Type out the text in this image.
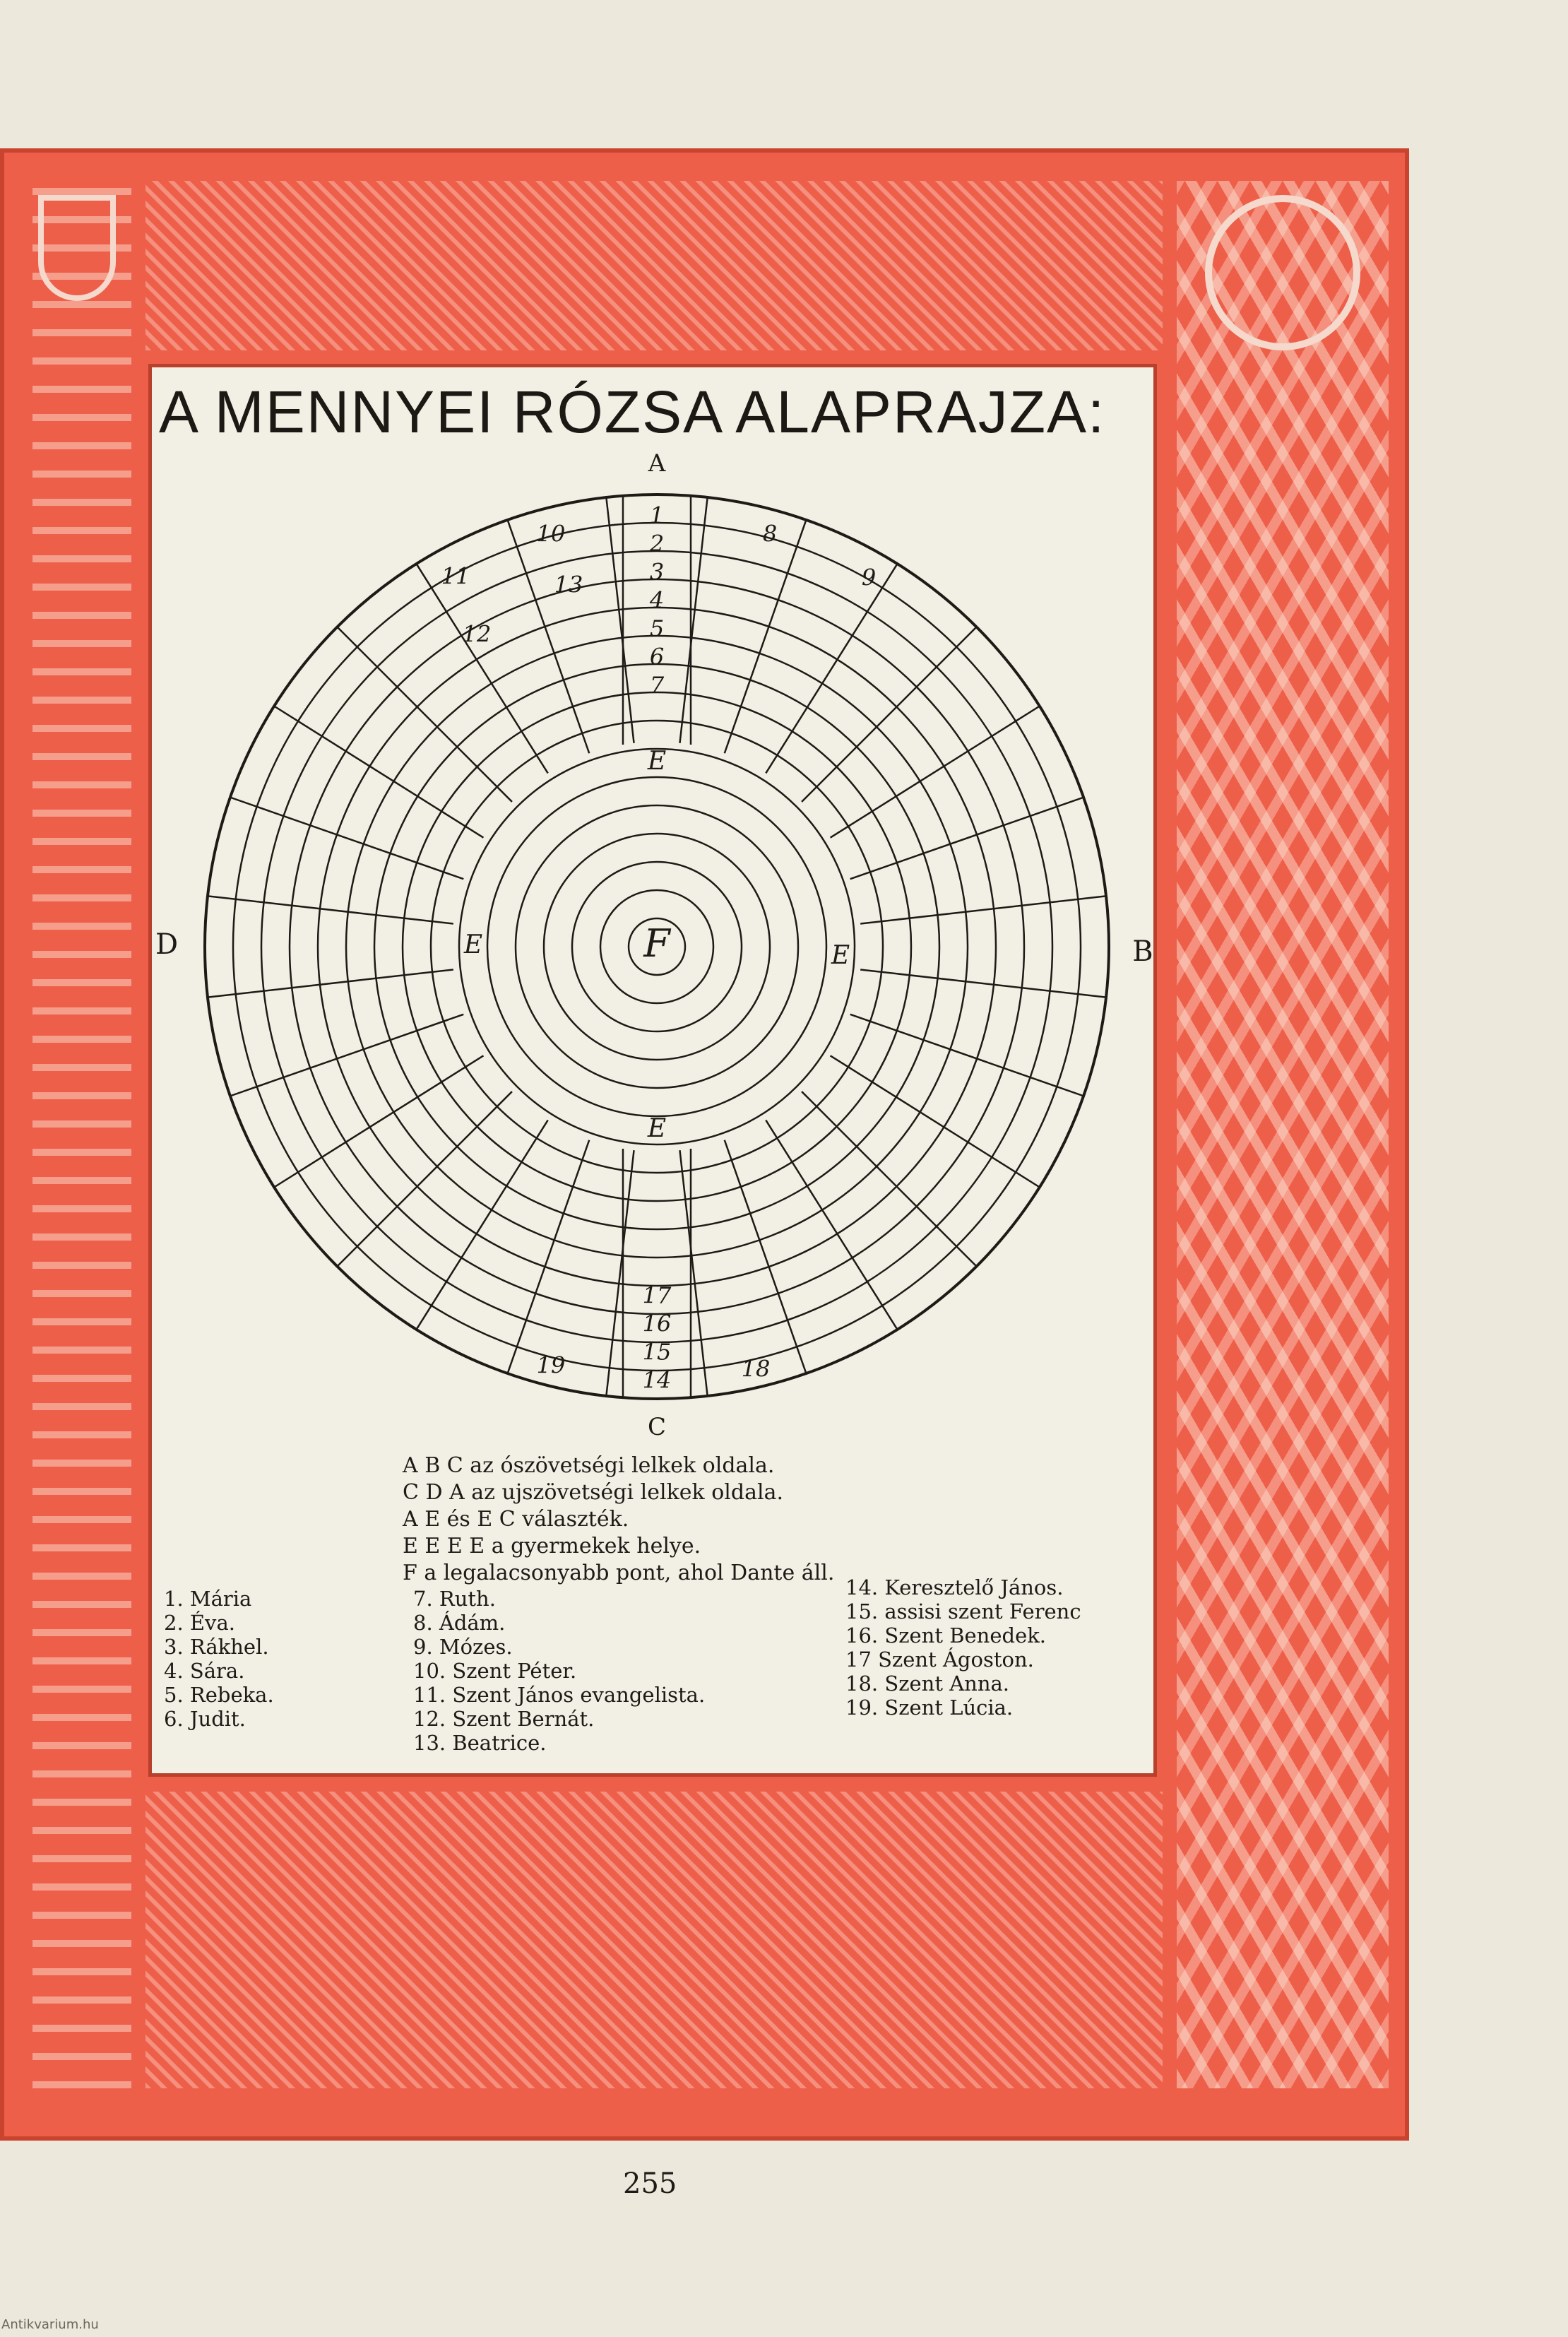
A MENNYEI RÓZSA ALAPRAJZA:
A
C
D	B
F
E
E
E
E
1
2
3
4
5
6
7
8
9
10
11
12
13
14
15
16
17
18
19
A B C az ószövetségi lelkek oldala.
C D A az ujszövetségi lelkek oldala.
A E és E C választék.
E E E E a gyermekek helye.
F a legalacsonyabb pont, ahol Dante áll.
1. Mária
2. Éva.
3. Rákhel.
4. Sára.
5. Rebeka.
6. Judit.
7. Ruth.
8. Ádám.
9. Mózes.
10. Szent Péter.
11. Szent János evangelista.
12. Szent Bernát.
13. Beatrice.
14. Keresztelő János.
15. assisi szent Ferenc
16. Szent Benedek.
17 Szent Ágoston.
18. Szent Anna.
19. Szent Lúcia.
255
Antikvarium.hu
